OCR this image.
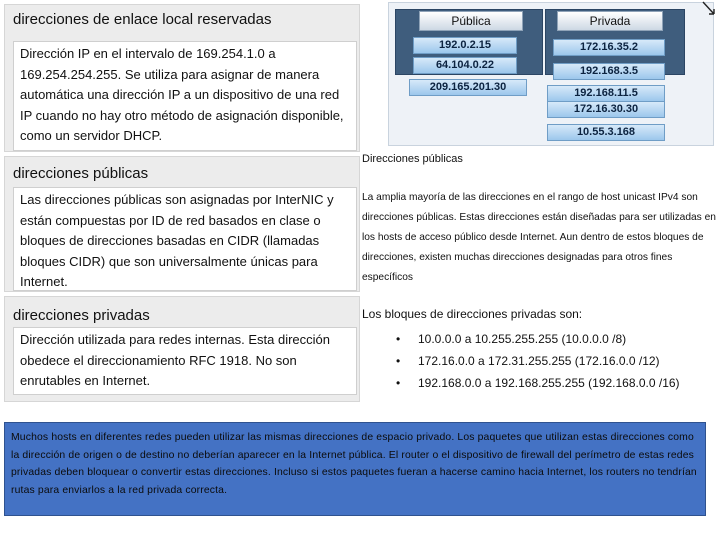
direcciones de enlace local reservadas
Dirección IP en el intervalo de 169.254.1.0 a 169.254.254.255. Se utiliza para asignar de manera automática una dirección IP a un dispositivo de una red IP cuando no hay otro método de asignación disponible, como un servidor DHCP.
direcciones públicas
Las direcciones públicas son asignadas por InterNIC y están compuestas por ID de red basados en clase o bloques de direcciones basadas en CIDR (llamadas bloques CIDR) que son universalmente únicas para Internet.
direcciones privadas
Dirección utilizada para redes internas. Esta dirección obedece el direccionamiento RFC 1918. No son enrutables en Internet.
Pública	Privada
192.0.2.15
64.104.0.22
209.165.201.30
172.16.35.2
192.168.3.5
192.168.11.5
172.16.30.30
10.55.3.168
Direcciones públicas

La amplia mayoría de las direcciones en el rango de host unicast IPv4 son direcciones públicas. Estas direcciones están diseñadas para ser utilizadas en los hosts de acceso público desde Internet. Aun dentro de estos bloques de direcciones, existen muchas direcciones designadas para otros fines específicos

Los bloques de direcciones privadas son:
• 10.0.0.0 a 10.255.255.255 (10.0.0.0 /8)
• 172.16.0.0 a 172.31.255.255 (172.16.0.0 /12)
• 192.168.0.0 a 192.168.255.255 (192.168.0.0 /16)
Muchos hosts en diferentes redes pueden utilizar las mismas direcciones de espacio privado. Los paquetes que utilizan estas direcciones como la dirección de origen o de destino no deberían aparecer en la Internet pública. El router o el dispositivo de firewall del perímetro de estas redes privadas deben bloquear o convertir estas direcciones. Incluso si estos paquetes fueran a hacerse camino hacia Internet, los routers no tendrían rutas para enviarlos a la red privada correcta.
